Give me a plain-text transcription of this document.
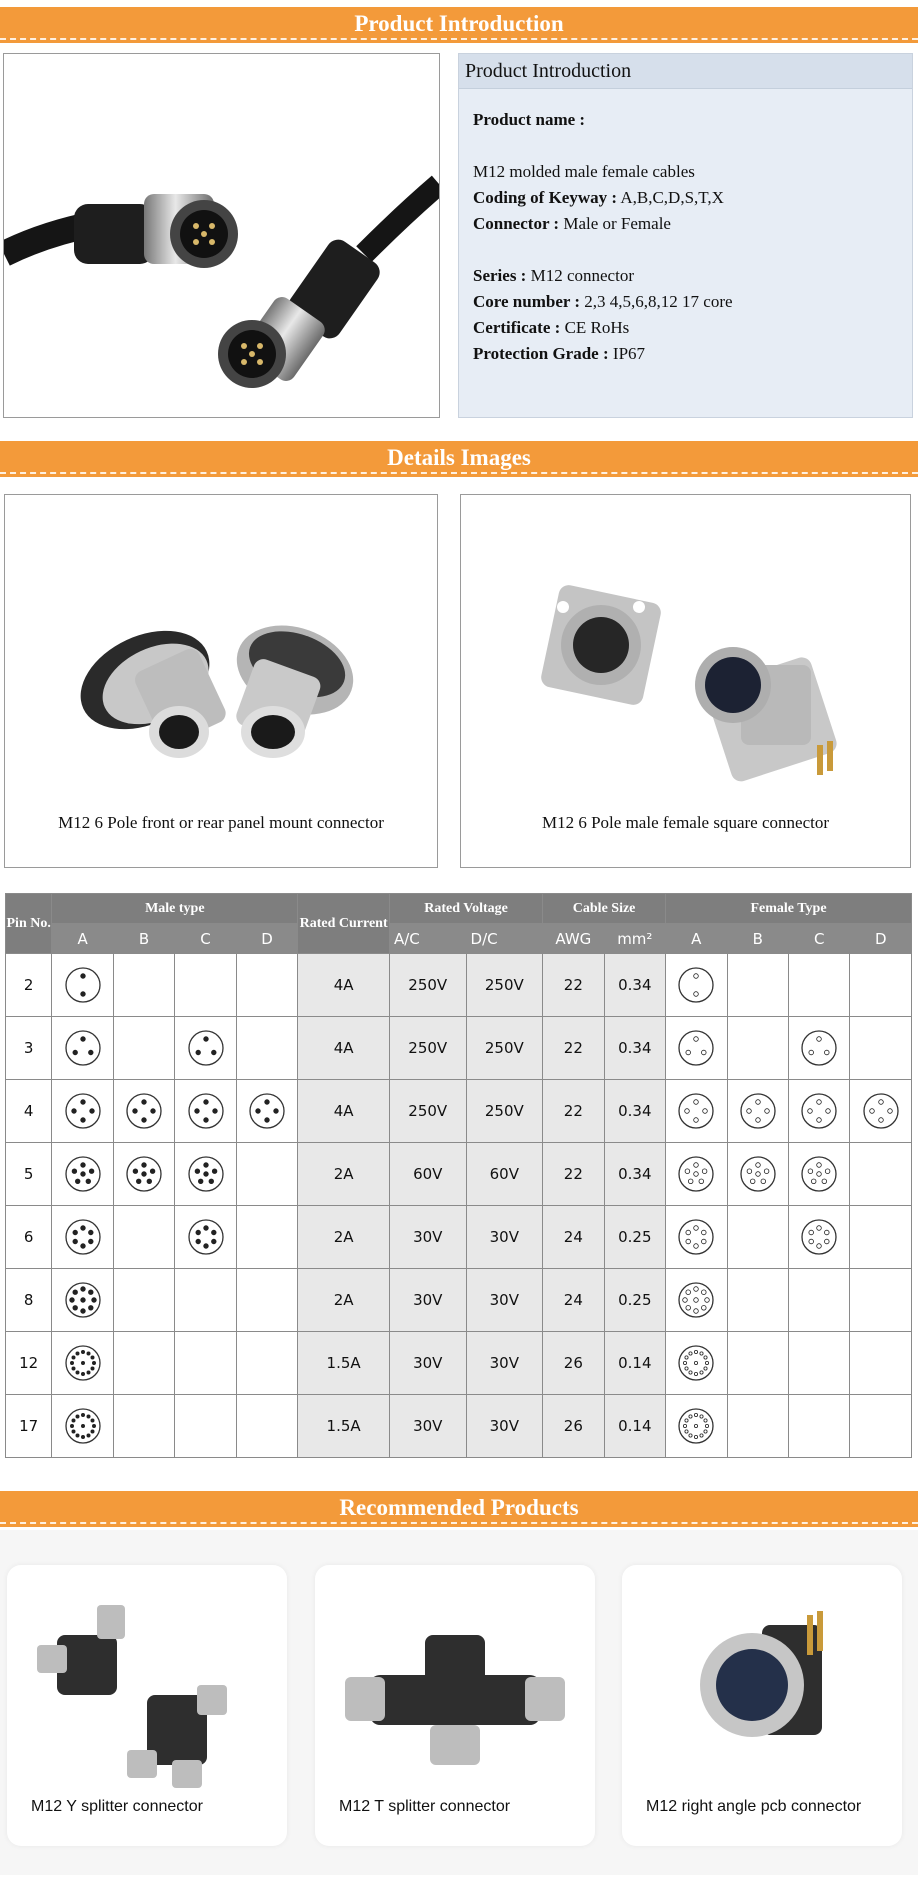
Product Introduction
Product Introduction
Product name :
M12 molded male female cables
Coding of Keyway : A,B,C,D,S,T,X
Connector : Male or Female
Series : M12 connector
Core number : 2,3 4,5,6,8,12 17 core
Certificate : CE RoHs
Protection Grade : IP67
Details Images
M12 6 Pole front or rear panel mount connector	M12 6 Pole male female square connector
Pin No.	Male type				Rated Current	Rated Voltage		Cable Size		Female Type			
	A	B	C	D		A/C	D/C	AWG	mm²	A	B	C	D
2					4A	250V	250V	22	0.34	

3					4A	250V	250V	22	0.34	

4					4A	250V	250V	22	0.34	

5					2A	60V	60V	22	0.34	

6					2A	30V	30V	24	0.25	

8					2A	30V	30V	24	0.25	

12					1.5A	30V	30V	26	0.14	

17					1.5A	30V	30V	26	0.14	

Recommended Products
M12 Y splitter connector	M12 T splitter connector	M12 right angle pcb connector
